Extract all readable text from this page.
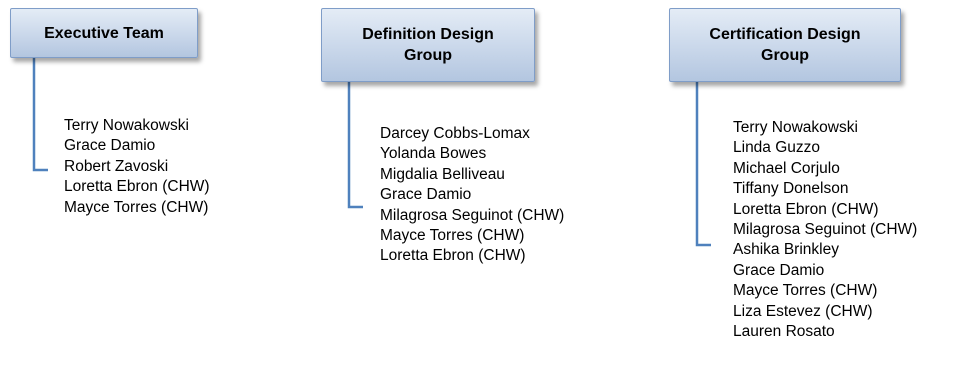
Executive Team
Terry Nowakowski
Grace Damio
Robert Zavoski
Loretta Ebron (CHW)
Mayce Torres (CHW)
Definition Design Group
Darcey Cobbs-Lomax
Yolanda Bowes
Migdalia Belliveau
Grace Damio
Milagrosa Seguinot (CHW)
Mayce Torres (CHW)
Loretta Ebron (CHW)
Certification Design Group
Terry Nowakowski
Linda Guzzo
Michael Corjulo
Tiffany Donelson
Loretta Ebron (CHW)
Milagrosa Seguinot (CHW)
Ashika Brinkley
Grace Damio
Mayce Torres (CHW)
Liza Estevez (CHW)
Lauren Rosato
